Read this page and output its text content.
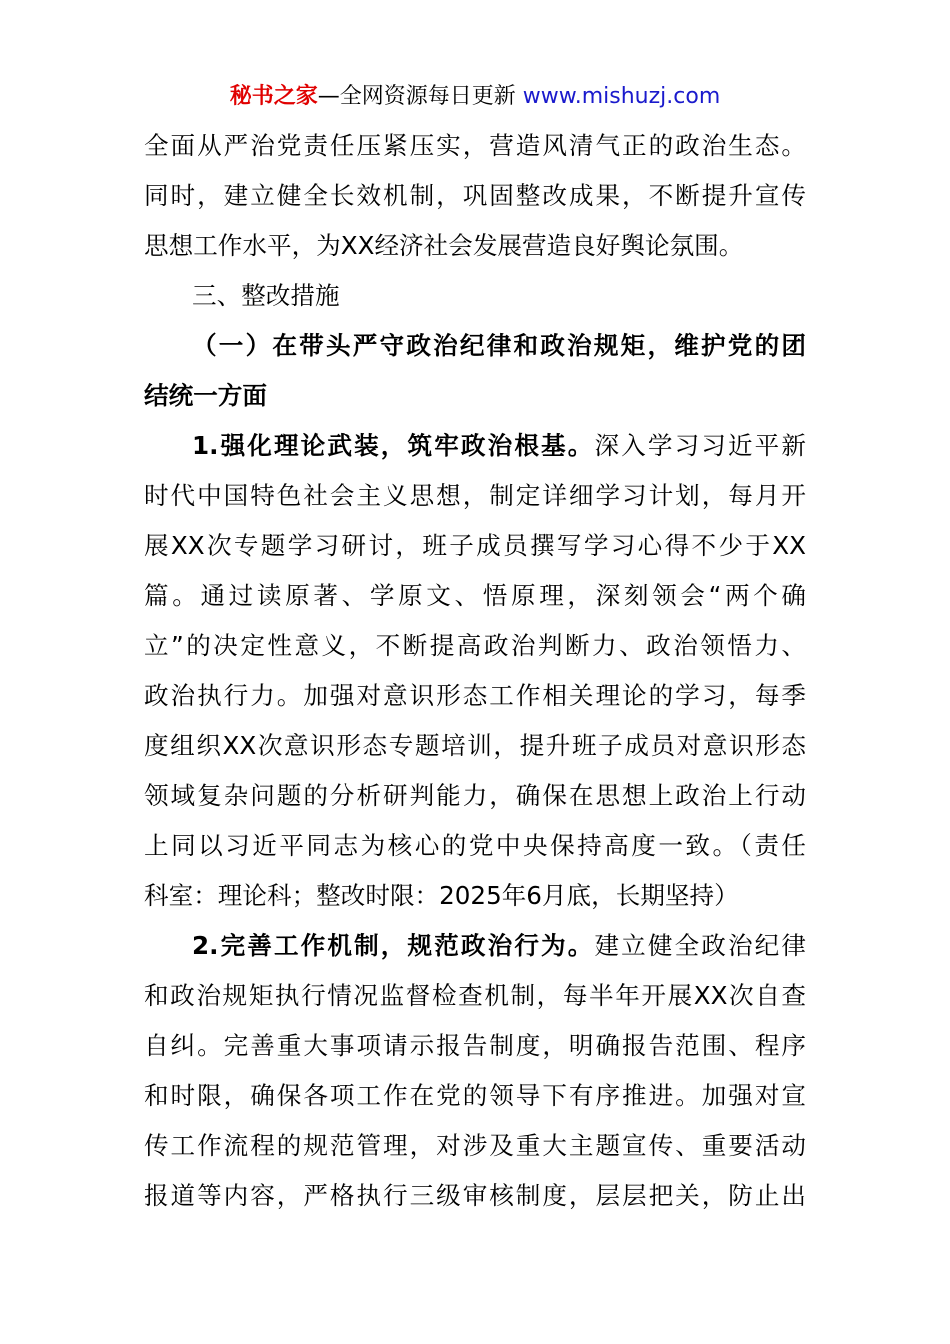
秘书之家—全网资源每日更新 www.mishuzj.com
全面从严治党责任压紧压实，营造风清气正的政治生态。
同时，建立健全长效机制，巩固整改成果，不断提升宣传
思想工作水平，为XX经济社会发展营造良好舆论氛围。
三、整改措施
（一）在带头严守政治纪律和政治规矩，维护党的团
结统一方面
1.强化理论武装，筑牢政治根基。深入学习习近平新
时代中国特色社会主义思想，制定详细学习计划，每月开
展XX次专题学习研讨，班子成员撰写学习心得不少于XX
篇。通过读原著、学原文、悟原理，深刻领会“两个确
立”的决定性意义，不断提高政治判断力、政治领悟力、
政治执行力。加强对意识形态工作相关理论的学习，每季
度组织XX次意识形态专题培训，提升班子成员对意识形态
领域复杂问题的分析研判能力，确保在思想上政治上行动
上同以习近平同志为核心的党中央保持高度一致。（责任
科室：理论科；整改时限：2025年6月底，长期坚持）
2.完善工作机制，规范政治行为。建立健全政治纪律
和政治规矩执行情况监督检查机制，每半年开展XX次自查
自纠。完善重大事项请示报告制度，明确报告范围、程序
和时限，确保各项工作在党的领导下有序推进。加强对宣
传工作流程的规范管理，对涉及重大主题宣传、重要活动
报道等内容，严格执行三级审核制度，层层把关，防止出
